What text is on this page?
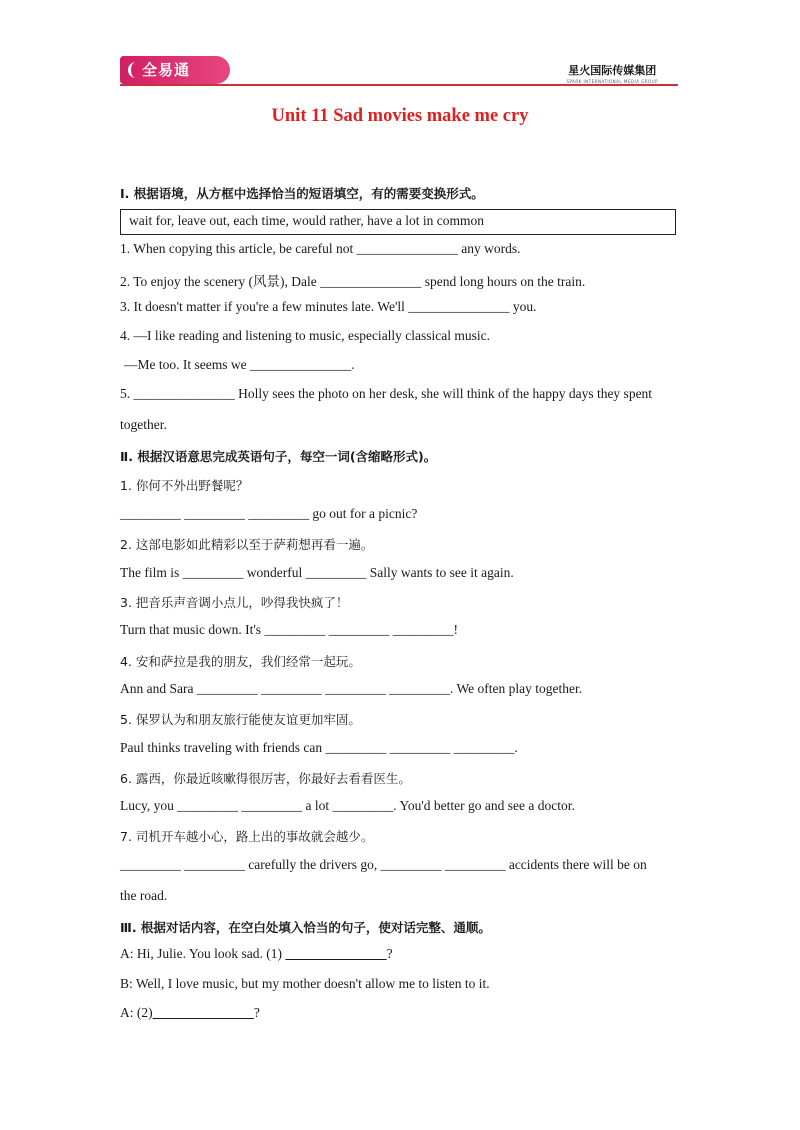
全易通	星火国际传媒集团
SPARK INTERNATIONAL MEDIA GROUP
Unit 11 Sad movies make me cry
Ⅰ. 根据语境，从方框中选择恰当的短语填空，有的需要变换形式。
wait for, leave out, each time, would rather, have a lot in common
1. When copying this article, be careful not _______________ any words.
2. To enjoy the scenery (风景), Dale _______________ spend long hours on the train.
3. It doesn't matter if you're a few minutes late. We'll _______________ you.
4. —I like reading and listening to music, especially classical music.
—Me too. It seems we _______________.
5. _______________ Holly sees the photo on her desk, she will think of the happy days they spent
together.
Ⅱ. 根据汉语意思完成英语句子，每空一词(含缩略形式)。
1. 你何不外出野餐呢？
_________ _________ _________ go out for a picnic?
2. 这部电影如此精彩以至于萨莉想再看一遍。
The film is _________ wonderful _________ Sally wants to see it again.
3. 把音乐声音调小点儿，吵得我快疯了！
Turn that music down. It's _________ _________ _________!
4. 安和萨拉是我的朋友，我们经常一起玩。
Ann and Sara _________ _________ _________ _________. We often play together.
5. 保罗认为和朋友旅行能使友谊更加牢固。
Paul thinks traveling with friends can _________ _________ _________.
6. 露西，你最近咳嗽得很厉害，你最好去看看医生。
Lucy, you _________ _________ a lot _________. You'd better go and see a doctor.
7. 司机开车越小心，路上出的事故就会越少。
_________ _________ carefully the drivers go, _________ _________ accidents there will be on
the road.
Ⅲ. 根据对话内容，在空白处填入恰当的句子，使对话完整、通顺。
A: Hi, Julie. You look sad. (1)	?
B: Well, I love music, but my mother doesn't allow me to listen to it.
A: (2)	?
